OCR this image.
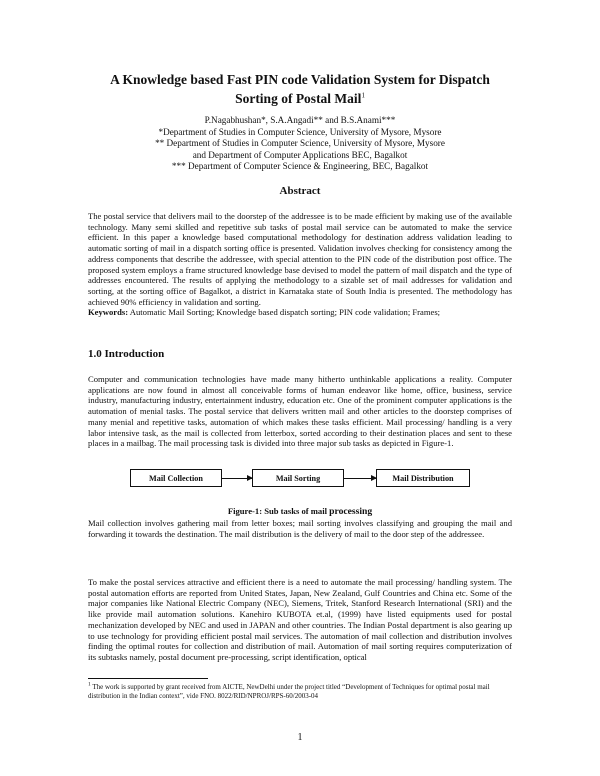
A Knowledge based Fast PIN code Validation System for Dispatch
Sorting of Postal Mail$^1$
P.Nagabhushan*, S.A.Angadi** and B.S.Anami***
*Department of Studies in Computer Science, University of Mysore, Mysore
** Department of Studies in Computer Science, University of Mysore, Mysore
and Department of Computer Applications BEC, Bagalkot
*** Department of Computer Science & Engineering, BEC, Bagalkot
Abstract

The postal service that delivers mail to the doorstep of the addressee is to be made efficient by making use of the available technology. Many semi skilled and repetitive sub tasks of postal mail service can be automated to make the service efficient. In this paper a knowledge based computational methodology for destination address validation leading to automatic sorting of mail in a dispatch sorting office is presented. Validation involves checking for consistency among the address components that describe the addressee, with special attention to the PIN code of the distribution post office. The proposed system employs a frame structured knowledge base devised to model the pattern of mail dispatch and the type of addresses encountered. The results of applying the methodology to a sizable set of mail addresses for validation and sorting, at the sorting office of Bagalkot, a district in Karnataka state of South India is presented. The methodology has achieved 90% efficiency in validation and sorting.
Keywords: Automatic Mail Sorting; Knowledge based dispatch sorting; PIN code validation; Frames;

1.0 Introduction

Computer and communication technologies have made many hitherto unthinkable applications a reality. Computer applications are now found in almost all conceivable forms of human endeavor like home, office, business, service industry, manufacturing industry, entertainment industry, education etc. One of the prominent computer applications is the automation of menial tasks. The postal service that delivers written mail and other articles to the doorstep comprises of many menial and repetitive tasks, automation of which makes these tasks efficient. Mail processing/ handling is a very labor intensive task, as the mail is collected from letterbox, sorted according to their destination places and sent to these places in a mailbag. The mail processing task is divided into three major sub tasks as depicted in Figure-1.

Mail Collection	Mail Sorting	Mail Distribution
Figure-1: Sub tasks of mail processing

Mail collection involves gathering mail from letter boxes; mail sorting involves classifying and grouping the mail and forwarding it towards the destination. The mail distribution is the delivery of mail to the door step of the addressee.

To make the postal services attractive and efficient there is a need to automate the mail processing/ handling system. The postal automation efforts are reported from United States, Japan, New Zealand, Gulf Countries and China etc. Some of the major companies like National Electric Company (NEC), Siemens, Tritek, Stanford Research International (SRI) and the like provide mail automation solutions. Kanehiro KUBOTA et.al, (1999) have listed equipments used for postal mechanization developed by NEC and used in JAPAN and other countries. The Indian Postal department is also gearing up to use technology for providing efficient postal mail services. The automation of mail collection and distribution involves finding the optimal routes for collection and distribution of mail. Automation of mail sorting requires computerization of its subtasks namely, postal document pre-processing, script identification, optical

$^1$ The work is supported by grant received from AICTE, NewDelhi under the project titled “Development of Techniques for optimal postal mail distribution in the Indian context”, vide FNO. 8022/RID/NPROJ/RPS-60/2003-04
1
